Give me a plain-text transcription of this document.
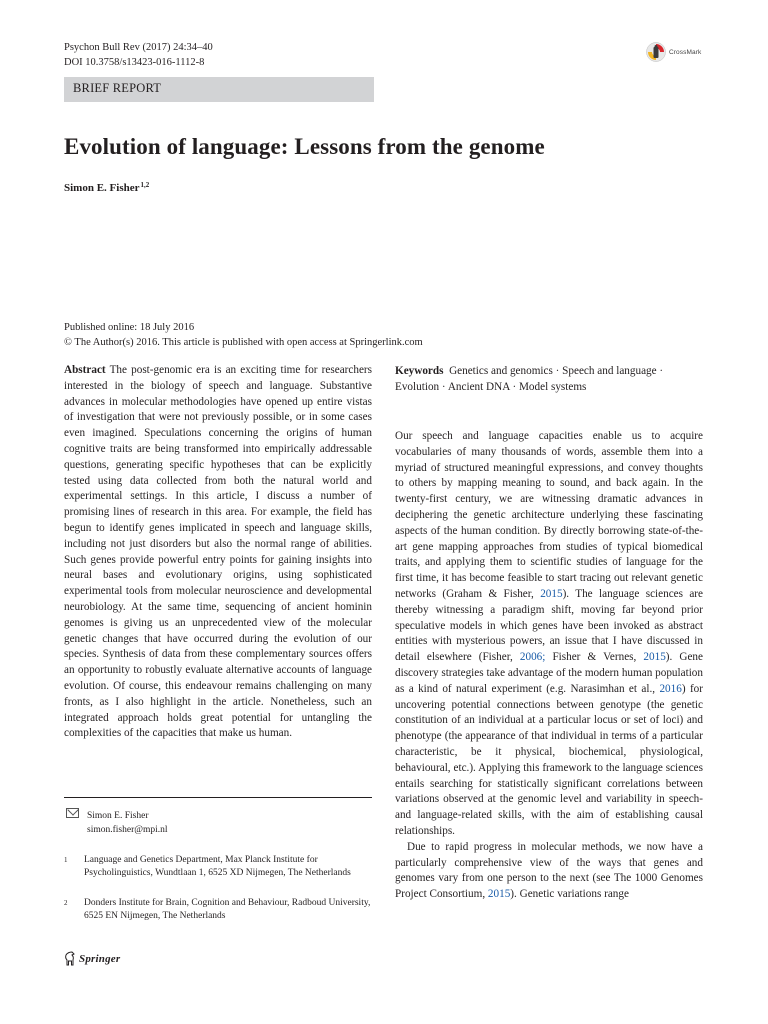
Psychon Bull Rev (2017) 24:34–40
DOI 10.3758/s13423-016-1112-8
CrossMark
BRIEF REPORT
Evolution of language: Lessons from the genome
Simon E. Fisher$^{1,2}$
Published online: 18 July 2016
© The Author(s) 2016. This article is published with open access at Springerlink.com

Abstract The post-genomic era is an exciting time for researchers interested in the biology of speech and language. Substantive advances in molecular methodologies have opened up entire vistas of investigation that were not previously possible, or in some cases even imagined. Speculations concerning the origins of human cognitive traits are being transformed into empirically addressable questions, generating specific hypotheses that can be explicitly tested using data collected from both the natural world and experimental settings. In this article, I discuss a number of promising lines of research in this area. For example, the field has begun to identify genes implicated in speech and language skills, including not just disorders but also the normal range of abilities. Such genes provide powerful entry points for gaining insights into neural bases and evolutionary origins, using sophisticated experimental tools from molecular neuroscience and developmental neurobiology. At the same time, sequencing of ancient hominin genomes is giving us an unprecedented view of the molecular genetic changes that have occurred during the evolution of our species. Synthesis of data from these complementary sources offers an opportunity to robustly evaluate alternative accounts of language evolution. Of course, this endeavour remains challenging on many fronts, as I also highlight in the article. Nonetheless, such an integrated approach holds great potential for untangling the complexities of the capacities that make us human.

Keywords Genetics and genomics · Speech and language · Evolution · Ancient DNA · Model systems

Our speech and language capacities enable us to acquire vocabularies of many thousands of words, assemble them into a myriad of structured meaningful expressions, and convey thoughts to others by mapping meaning to sound, and back again. In the twenty-first century, we are witnessing dramatic advances in deciphering the genetic architecture underlying these fascinating aspects of the human condition. By directly borrowing state-of-the-art gene mapping approaches from studies of typical biomedical traits, and applying them to scientific studies of language for the first time, it has become feasible to start tracing out relevant genetic networks (Graham & Fisher, 2015). The language sciences are thereby witnessing a paradigm shift, moving far beyond prior speculative models in which genes have been invoked as abstract entities with mysterious powers, an issue that I have discussed in detail elsewhere (Fisher, 2006; Fisher & Vernes, 2015). Gene discovery strategies take advantage of the modern human population as a kind of natural experiment (e.g. Narasimhan et al., 2016) for uncovering potential connections between genotype (the genetic constitution of an individual at a particular locus or set of loci) and phenotype (the appearance of that individual in terms of a particular characteristic, be it physical, biochemical, physiological, behavioural, etc.). Applying this framework to the language sciences entails searching for statistically significant correlations between variations observed at the genomic level and variability in speech- and language-related skills, with the aim of establishing causal relationships.

Due to rapid progress in molecular methods, we now have a particularly comprehensive view of the ways that genes and genomes vary from one person to the next (see The 1000 Genomes Project Consortium, 2015). Genetic variations range

Simon E. Fisher
simon.fisher@mpi.nl
1 Language and Genetics Department, Max Planck Institute for Psycholinguistics, Wundtlaan 1, 6525 XD Nijmegen, The Netherlands
2 Donders Institute for Brain, Cognition and Behaviour, Radboud University, 6525 EN Nijmegen, The Netherlands
Springer
